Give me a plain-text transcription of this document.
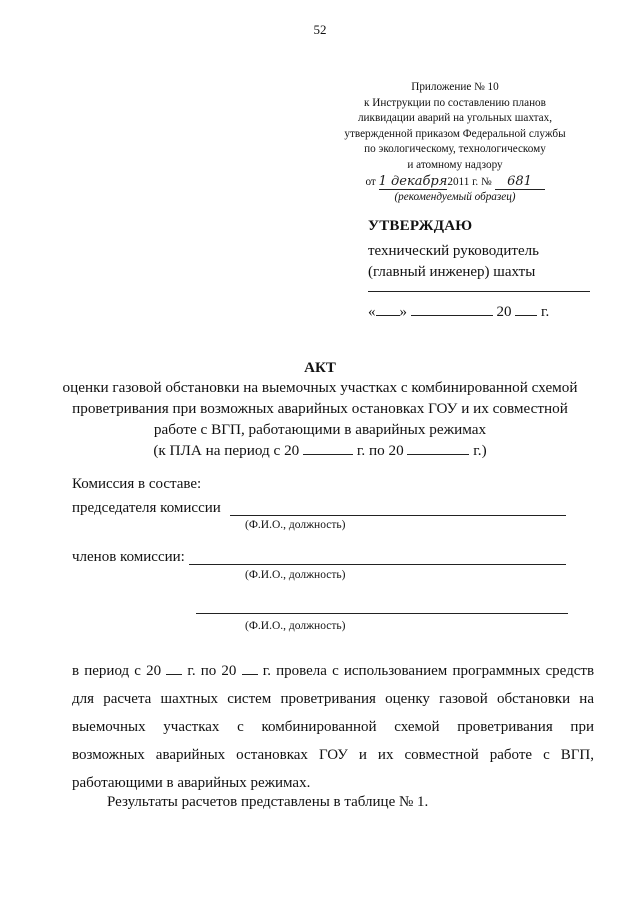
52
Приложение № 10
к Инструкции по составлению планов
ликвидации аварий на угольных шахтах,
утвержденной приказом Федеральной службы
по экологическому, технологическому
и атомному надзору
от 1 декабря2011 г. № 681
(рекомендуемый образец)
УТВЕРЖДАЮ
технический руководитель
(главный инженер) шахты
« »	20 г.
АКТ
оценки газовой обстановки на выемочных участках с комбинированной схемой
проветривания при возможных аварийных остановках ГОУ и их совместной
работе с ВГП, работающими в аварийных режимах
(к ПЛА на период с 20	г. по 20	г.)
Комиссия в составе:
председателя комиссии
(Ф.И.О., должность)
членов комиссии:
(Ф.И.О., должность)
(Ф.И.О., должность)
в период с 20 г. по 20 г. провела с использованием программных средств
для расчета шахтных систем проветривания оценку газовой обстановки на
выемочных участках с комбинированной схемой проветривания при
возможных аварийных остановках ГОУ и их совместной работе с ВГП,
работающими в аварийных режимах.
Результаты расчетов представлены в таблице № 1.
